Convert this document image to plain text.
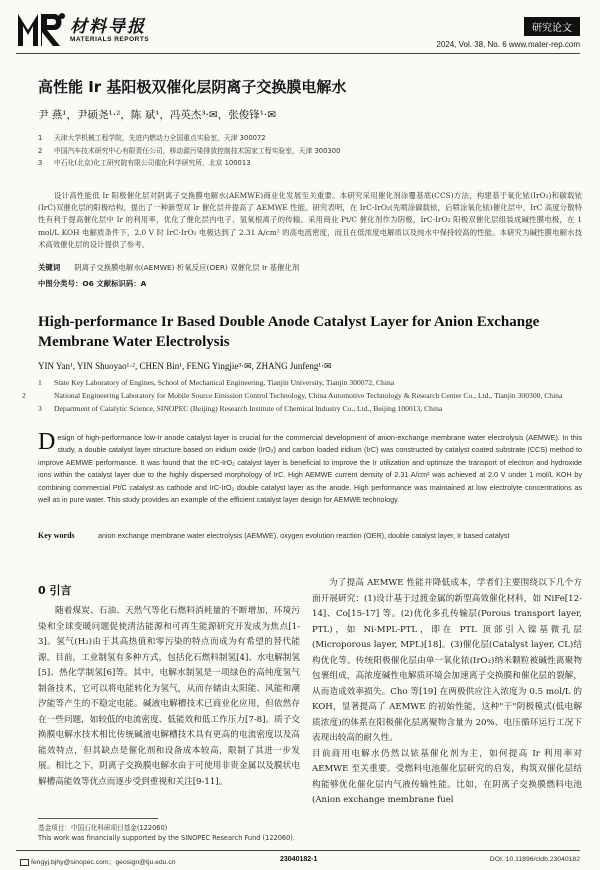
材料导报
MATERIALS REPORTS
研究论文
2024, Vol. 38, No. 6 www.mater-rep.com
高性能 Ir 基阳极双催化层阴离子交换膜电解水
尹 燕¹，尹硕尧¹·²，陈 斌¹，冯英杰³·✉，张俊锋¹·✉
1 天津大学机械工程学院，先进内燃动力全国重点实验室，天津 300072
2 中国汽车技术研究中心有限责任公司，移动源污染排放控制技术国家工程实验室，天津 300300
3 中石化(北京)化工研究院有限公司催化科学研究所，北京 100013
设计高性能低 Ir 阳极催化层对阴离子交换膜电解水(AEMWE)商业化发展至关重要。本研究采用催化剂涂覆基底(CCS)方法，构建基于氧化铱(IrO₂)和碳载铱(IrC)双催化层的阳极结构，提出了一种新型双 Ir 催化层并提高了 AEMWE 性能。研究表明，在 IrC-IrO₂(先喷涂碳载铱，后喷涂氧化铱)催化层中，IrC 高度分散特性有利于提高催化层中 Ir 的利用率，优化了催化层内电子、氢氧根离子的传输。采用商业 Pt/C 催化剂作为阴极，IrC-IrO₂ 阳极双催化层组装成碱性膜电极，在 1 mol/L KOH 电解质条件下，2.0 V 时 IrC-IrO₂ 电极达到了 2.31 A/cm² 的高电流密度，而且在低浓度电解质以及纯水中保持较高的性能。本研究为碱性膜电解水技术高效催化层的设计提供了参考。
关键词 阴离子交换膜电解水(AEMWE) 析氧反应(OER) 双催化层 Ir 基催化剂
中图分类号：O6 文献标识码：A
High-performance Ir Based Double Anode Catalyst Layer for Anion Exchange Membrane Water Electrolysis
YIN Yan¹, YIN Shuoyao¹·², CHEN Bin¹, FENG Yingjie³·✉, ZHANG Junfeng¹·✉
1 State Key Laboratory of Engines, School of Mechanical Engineering, Tianjin University, Tianjin 300072, China
2	National Engineering Laboratory for Mobile Source Emission Control Technology, China Automotive Technology & Research Center Co., Ltd., Tianjin 300300, China
3 Department of Catalytic Science, SINOPEC (Beijing) Research Institute of Chemical Industry Co., Ltd., Beijing 100013, China
Design of high-performance low-Ir anode catalyst layer is crucial for the commercial development of anion-exchange membrane water electrolysis (AEMWE). In this study, a double catalyst layer structure based on iridium oxide (IrO₂) and carbon loaded iridium (IrC) was constructed by catalyst coated substrate (CCS) method to improve AEMWE performance. It was found that the IrC-IrO₂ catalyst layer is beneficial to improve the Ir utilization and optimize the transport of electron and hydroxide ions within the catalyst layer due to the highly dispersed morphology of IrC. High AEMWE current density of 2.31 A/cm² was achieved at 2.0 V under 1 mol/L KOH by combining commercial Pt/C catalyst as cathode and IrC-IrO₂ double catalyst layer as the anode. High performance was maintained at low electrolyte concentrations as well as in pure water. This study provides an example of the efficient catalyst layer design for AEMWE technology.
Key words	anion exchange membrane water electrolysis (AEMWE), oxygen evolution reaction (OER), double catalyst layer, Ir based catalyst
0 引言
随着煤炭、石油、天然气等化石燃料消耗量的不断增加，环境污染和全球变暖问题促使清洁能源和可再生能源研究开发成为焦点[1-3]。氢气(H₂)由于其高热值和零污染的特点而成为有希望的替代能源。目前，工业制氢有多种方式，包括化石燃料制氢[4]、水电解制氢[5]、热化学制氢[6]等。其中，电解水制氢是一项绿色的高纯度氢气制备技术，它可以将电能转化为氢气，从而存储由太阳能、风能和潮汐能等产生的不稳定电能。碱液电解槽技术已商业化应用，但依然存在一些问题，如较低的电流密度、低能效和低工作压力[7-8]。质子交换膜电解水技术相比传统碱液电解槽技术具有更高的电流密度以及高能效特点，但其缺点是催化剂和设备成本较高，限制了其进一步发展。相比之下，阴离子交换膜电解水由于可使用非贵金属以及膜状电解槽高能效等优点而逐步受到重视和关注[9-11]。
为了提高 AEMWE 性能并降低成本，学者们主要围绕以下几个方面开展研究：(1)设计基于过渡金属的新型高效催化材料，如 NiFe[12-14]、Co[15-17] 等。(2)优化多孔传输层(Porous transport layer, PTL)，如 Ni-MPL-PTL，即在 PTL 顶部引入镍基微孔层(Microporous layer, MPL)[18]。(3)催化层(Catalyst layer, CL)结构优化等。传统阳极催化层由单一氧化铱(IrO₂)纳米颗粒被碱性离聚物包裹组成，高浓度碱性电解质环境会加速离子交换膜和催化层的裂解，从而造成效率损失。Cho 等[19] 在两极供应注入浓度为 0.5 mol/L 的 KOH，显著提高了 AEMWE 的初始性能，这种"干"阴极模式(低电解质浓度)的体系在阳极催化层离聚物含量为 20%、电压循环运行工况下表现出较高的耐久性。
目前商用电解水仍然以铱基催化剂为主，如何提高 Ir 利用率对 AEMWE 至关重要。受燃料电池催化层研究的启发，构筑双催化层结构能够优化催化层内气液传输性能。比如，在阴离子交换膜燃料电池(Anion exchange membrane fuel
基金项目：中国石化科研项目基金(122060)
This work was financially supported by the SINOPEC Research Fund (122060).
fengyj.bjhy@sinopec.com；geosign@tju.edu.cn	23040182-1	DOI: 10.11896/cldb.23040182
